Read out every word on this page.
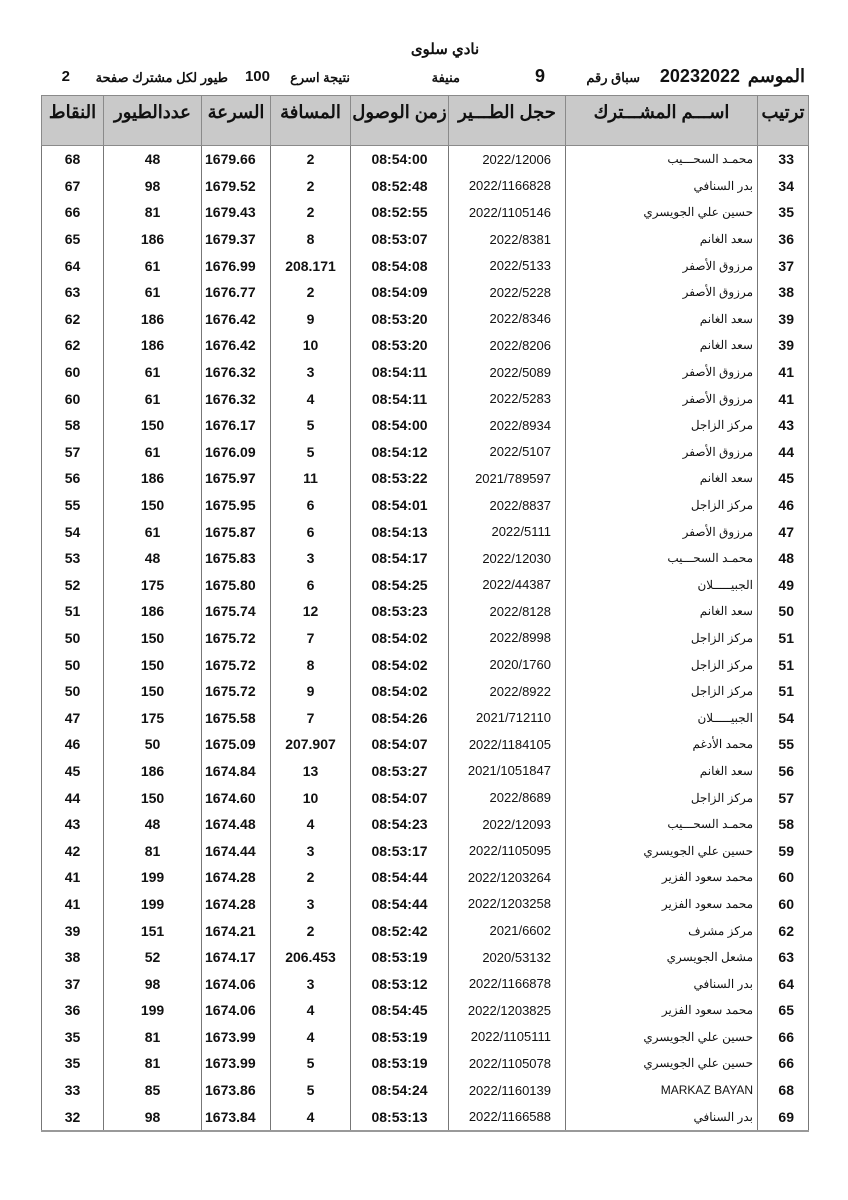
نادي سلوى
الموسم
20232022
سباق رقم
9
منيفة
نتيجة اسرع
100
طيور لكل مشترك صفحة
2
ترتيب	اســـم المشـــترك	حجل الطـــير	زمن الوصول	المسافة	السرعة	عددالطيور	النقاط
33	محمـد السحـــيب	2022/12006	08:54:00	2	1679.66	48	68
34	بدر السنافي	2022/1166828	08:52:48	2	1679.52	98	67
35	حسين علي الجويسري	2022/1105146	08:52:55	2	1679.43	81	66
36	سعد الغانم	2022/8381	08:53:07	8	1679.37	186	65
37	مرزوق الأصفر	2022/5133	08:54:08	208.171	1676.99	61	64
38	مرزوق الأصفر	2022/5228	08:54:09	2	1676.77	61	63
39	سعد الغانم	2022/8346	08:53:20	9	1676.42	186	62
39	سعد الغانم	2022/8206	08:53:20	10	1676.42	186	62
41	مرزوق الأصفر	2022/5089	08:54:11	3	1676.32	61	60
41	مرزوق الأصفر	2022/5283	08:54:11	4	1676.32	61	60
43	مركز الزاجل	2022/8934	08:54:00	5	1676.17	150	58
44	مرزوق الأصفر	2022/5107	08:54:12	5	1676.09	61	57
45	سعد الغانم	2021/789597	08:53:22	11	1675.97	186	56
46	مركز الزاجل	2022/8837	08:54:01	6	1675.95	150	55
47	مرزوق الأصفر	2022/5111	08:54:13	6	1675.87	61	54
48	محمـد السحـــيب	2022/12030	08:54:17	3	1675.83	48	53
49	الجبيـــــلان	2022/44387	08:54:25	6	1675.80	175	52
50	سعد الغانم	2022/8128	08:53:23	12	1675.74	186	51
51	مركز الزاجل	2022/8998	08:54:02	7	1675.72	150	50
51	مركز الزاجل	2020/1760	08:54:02	8	1675.72	150	50
51	مركز الزاجل	2022/8922	08:54:02	9	1675.72	150	50
54	الجبيـــــلان	2021/712110	08:54:26	7	1675.58	175	47
55	محمد الأدغم	2022/1184105	08:54:07	207.907	1675.09	50	46
56	سعد الغانم	2021/1051847	08:53:27	13	1674.84	186	45
57	مركز الزاجل	2022/8689	08:54:07	10	1674.60	150	44
58	محمـد السحـــيب	2022/12093	08:54:23	4	1674.48	48	43
59	حسين علي الجويسري	2022/1105095	08:53:17	3	1674.44	81	42
60	محمد سعود الفزير	2022/1203264	08:54:44	2	1674.28	199	41
60	محمد سعود الفزير	2022/1203258	08:54:44	3	1674.28	199	41
62	مركز مشرف	2021/6602	08:52:42	2	1674.21	151	39
63	مشعل الجويسري	2020/53132	08:53:19	206.453	1674.17	52	38
64	بدر السنافي	2022/1166878	08:53:12	3	1674.06	98	37
65	محمد سعود الفزير	2022/1203825	08:54:45	4	1674.06	199	36
66	حسين علي الجويسري	2022/1105111	08:53:19	4	1673.99	81	35
66	حسين علي الجويسري	2022/1105078	08:53:19	5	1673.99	81	35
68	MARKAZ BAYAN	2022/1160139	08:54:24	5	1673.86	85	33
69	بدر السنافي	2022/1166588	08:53:13	4	1673.84	98	32
